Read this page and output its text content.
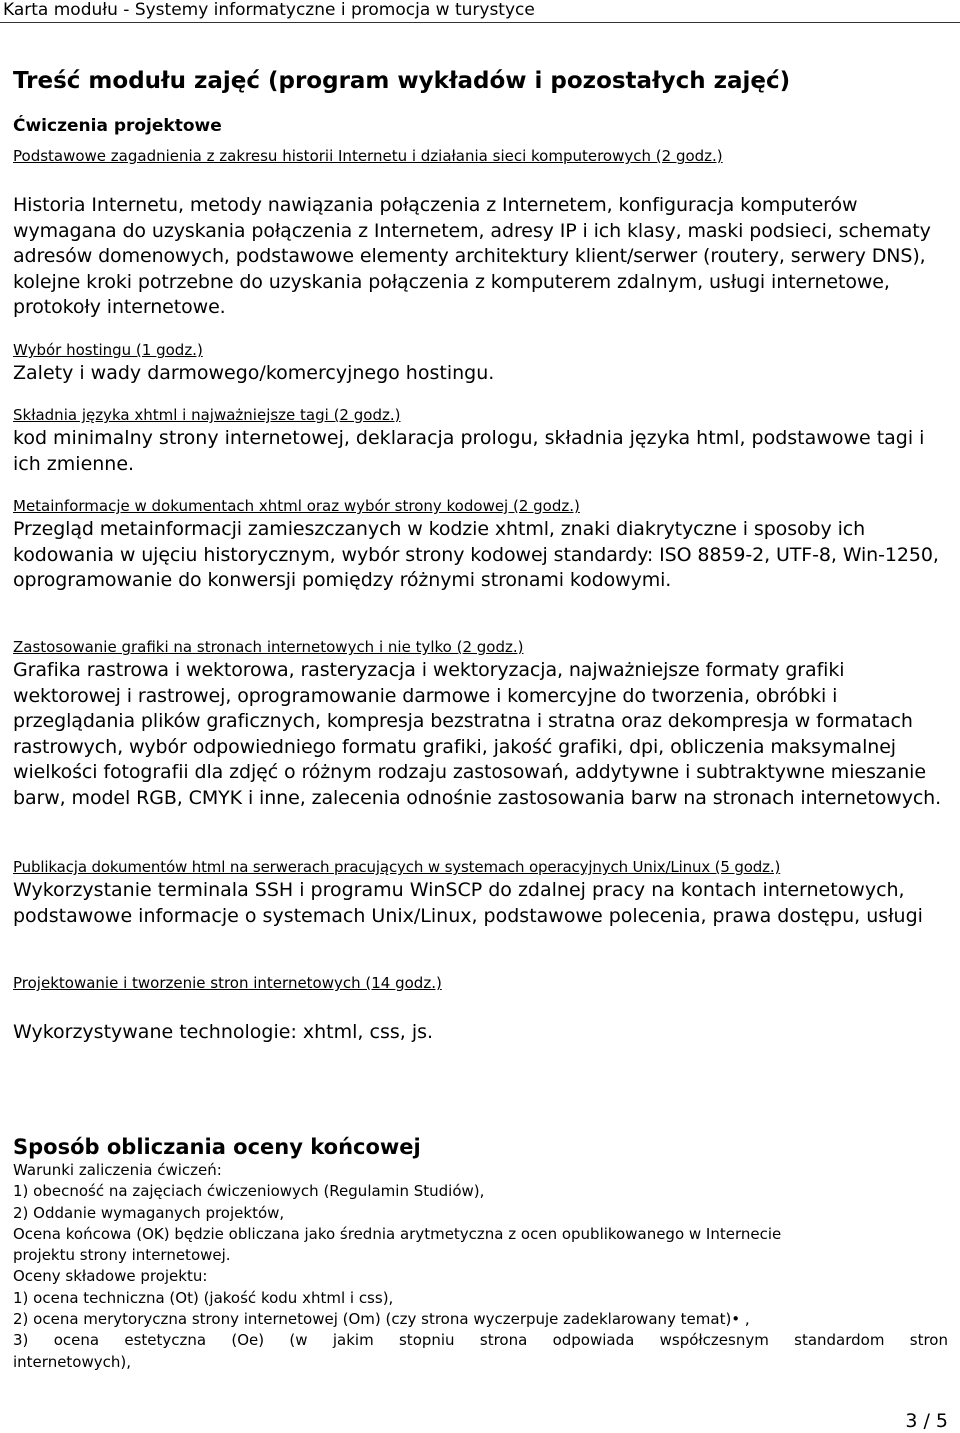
Karta modułu - Systemy informatyczne i promocja w turystyce
Treść modułu zajęć (program wykładów i pozostałych zajęć)
Ćwiczenia projektowe
Podstawowe zagadnienia z zakresu historii Internetu i działania sieci komputerowych (2 godz.)
Historia Internetu, metody nawiązania połączenia z Internetem, konfiguracja komputerów wymagana do uzyskania połączenia z Internetem, adresy IP i ich klasy, maski podsieci, schematy adresów domenowych, podstawowe elementy architektury klient/serwer (routery, serwery DNS), kolejne kroki potrzebne do uzyskania połączenia z komputerem zdalnym, usługi internetowe, protokoły internetowe.
Wybór hostingu (1 godz.)
Zalety i wady darmowego/komercyjnego hostingu.
Składnia języka xhtml i najważniejsze tagi (2 godz.)
kod minimalny strony internetowej, deklaracja prologu, składnia języka html, podstawowe tagi i ich zmienne.
Metainformacje w dokumentach xhtml oraz wybór strony kodowej (2 godz.)
Przegląd metainformacji zamieszczanych w kodzie xhtml, znaki diakrytyczne i sposoby ich kodowania w ujęciu historycznym, wybór strony kodowej standardy: ISO 8859-2, UTF-8, Win-1250, oprogramowanie do konwersji pomiędzy różnymi stronami kodowymi.
Zastosowanie grafiki na stronach internetowych i nie tylko (2 godz.)
Grafika rastrowa i wektorowa, rasteryzacja i wektoryzacja, najważniejsze formaty grafiki wektorowej i rastrowej, oprogramowanie darmowe i komercyjne do tworzenia, obróbki i przeglądania plików graficznych, kompresja bezstratna i stratna oraz dekompresja w formatach rastrowych, wybór odpowiedniego formatu grafiki, jakość grafiki, dpi, obliczenia maksymalnej wielkości fotografii dla zdjęć o różnym rodzaju zastosowań, addytywne i subtraktywne mieszanie barw, model RGB, CMYK i inne, zalecenia odnośnie zastosowania barw na stronach internetowych.
Publikacja dokumentów html na serwerach pracujących w systemach operacyjnych Unix/Linux (5 godz.)
Wykorzystanie terminala SSH i programu WinSCP do zdalnej pracy na kontach internetowych, podstawowe informacje o systemach Unix/Linux, podstawowe polecenia, prawa dostępu, usługi
Projektowanie i tworzenie stron internetowych (14 godz.)
Wykorzystywane technologie: xhtml, css, js.
Sposób obliczania oceny końcowej
Warunki zaliczenia ćwiczeń:
1) obecność na zajęciach ćwiczeniowych (Regulamin Studiów),
2) Oddanie wymaganych projektów,
Ocena końcowa (OK) będzie obliczana jako średnia arytmetyczna z ocen opublikowanego w Internecie
projektu strony internetowej.
Oceny składowe projektu:
1) ocena techniczna (Ot) (jakość kodu xhtml i css),
2) ocena merytoryczna strony internetowej (Om) (czy strona wyczerpuje zadeklarowany temat)• ,
3) ocena estetyczna (Oe) (w jakim stopniu strona odpowiada współczesnym standardom stron
internetowych),
3 / 5
